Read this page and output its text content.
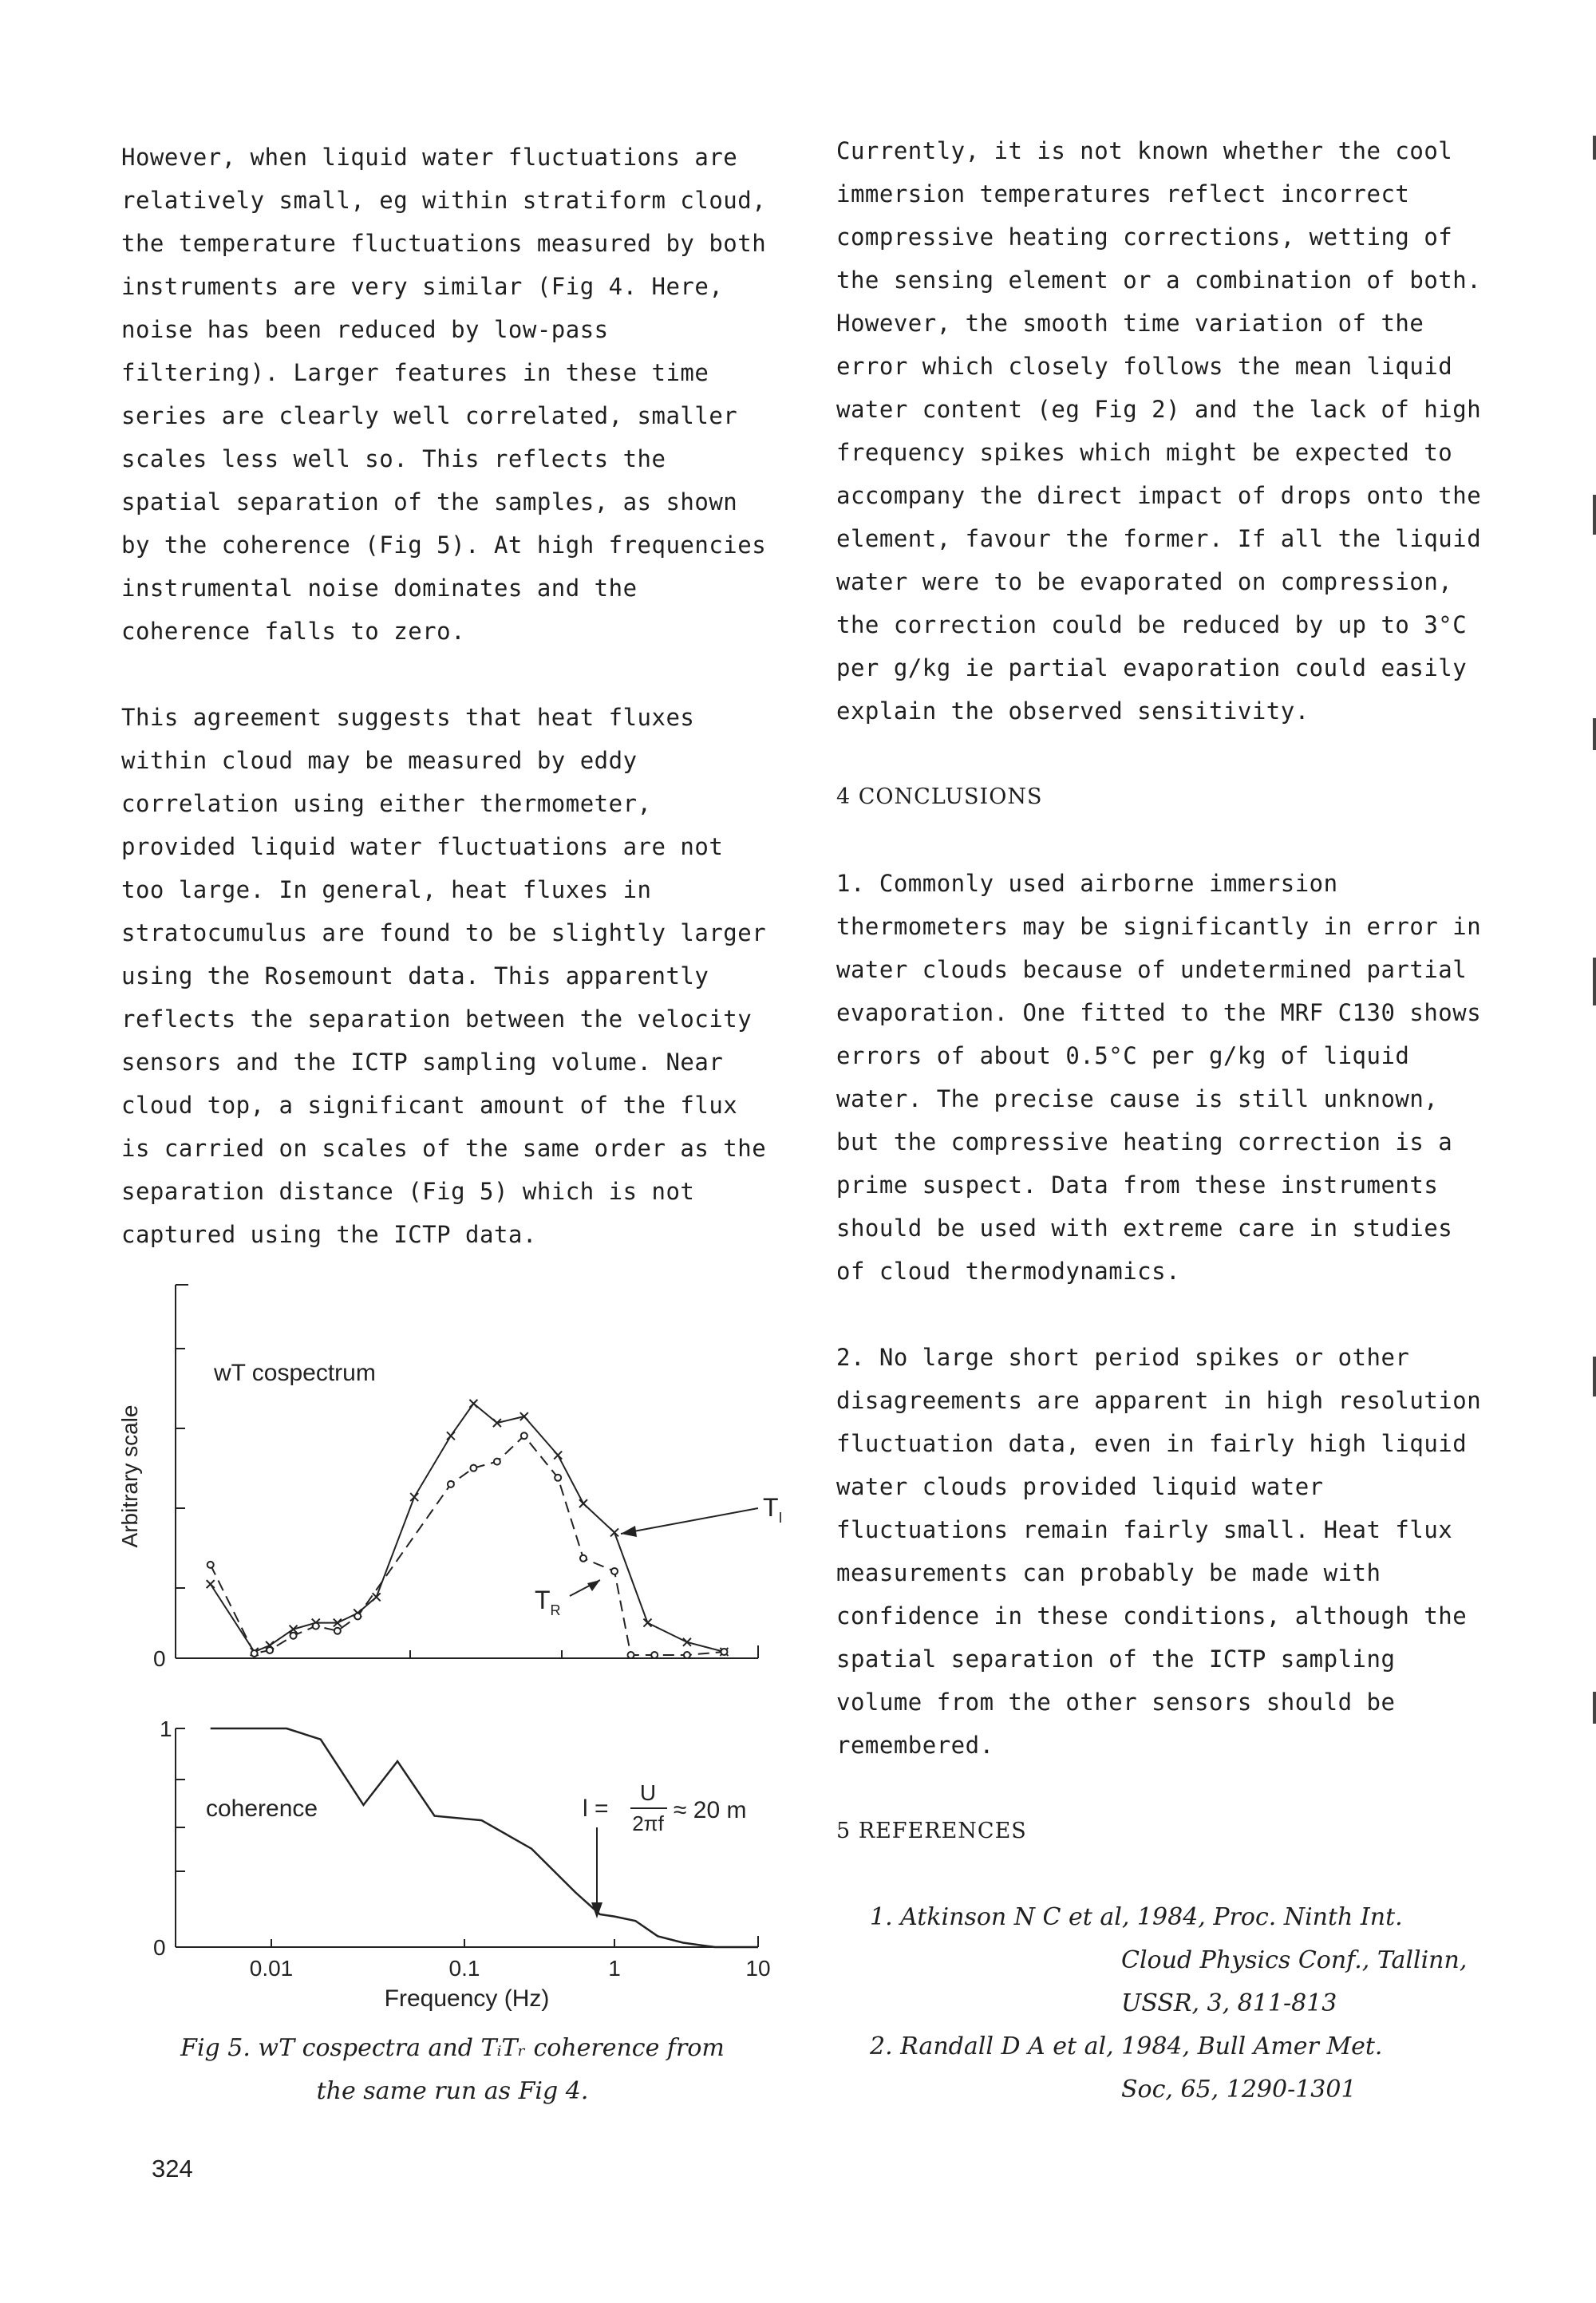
However, when liquid water fluctuations are

relatively small, eg within stratiform cloud,

the temperature fluctuations measured by both

instruments are very similar (Fig 4. Here,

noise has been reduced by low-pass

filtering). Larger features in these time

series are clearly well correlated, smaller

scales less well so. This reflects the

spatial separation of the samples, as shown

by the coherence (Fig 5). At high frequencies

instrumental noise dominates and the

coherence falls to zero.

This agreement suggests that heat fluxes

within cloud may be measured by eddy

correlation using either thermometer,

provided liquid water fluctuations are not

too large. In general, heat fluxes in

stratocumulus are found to be slightly larger

using the Rosemount data. This apparently

reflects the separation between the velocity

sensors and the ICTP sampling volume. Near

cloud top, a significant amount of the flux

is carried on scales of the same order as the

separation distance (Fig 5) which is not

captured using the ICTP data.

Arbitrary scale
wT cospectrum
0
$T_I$
$T_R$
1
0
coherence	l =
U
2πf ≈ 20 m
0.01	0.1	1	10
Frequency (Hz)

Fig 5. wT cospectra and TᵢTᵣ coherence from

the same run as Fig 4.

324

Currently, it is not known whether the cool

immersion temperatures reflect incorrect

compressive heating corrections, wetting of

the sensing element or a combination of both.

However, the smooth time variation of the

error which closely follows the mean liquid

water content (eg Fig 2) and the lack of high

frequency spikes which might be expected to

accompany the direct impact of drops onto the

element, favour the former. If all the liquid

water were to be evaporated on compression,

the correction could be reduced by up to 3°C

per g/kg ie partial evaporation could easily

explain the observed sensitivity.

4 CONCLUSIONS

1. Commonly used airborne immersion

thermometers may be significantly in error in

water clouds because of undetermined partial

evaporation. One fitted to the MRF C130 shows

errors of about 0.5°C per g/kg of liquid

water. The precise cause is still unknown,

but the compressive heating correction is a

prime suspect. Data from these instruments

should be used with extreme care in studies

of cloud thermodynamics.

2. No large short period spikes or other

disagreements are apparent in high resolution

fluctuation data, even in fairly high liquid

water clouds provided liquid water

fluctuations remain fairly small. Heat flux

measurements can probably be made with

confidence in these conditions, although the

spatial separation of the ICTP sampling

volume from the other sensors should be

remembered.

5 REFERENCES

1. Atkinson N C et al, 1984, Proc. Ninth Int.

Cloud Physics Conf., Tallinn,

USSR, 3, 811-813

2. Randall D A et al, 1984, Bull Amer Met.

Soc, 65, 1290-1301
